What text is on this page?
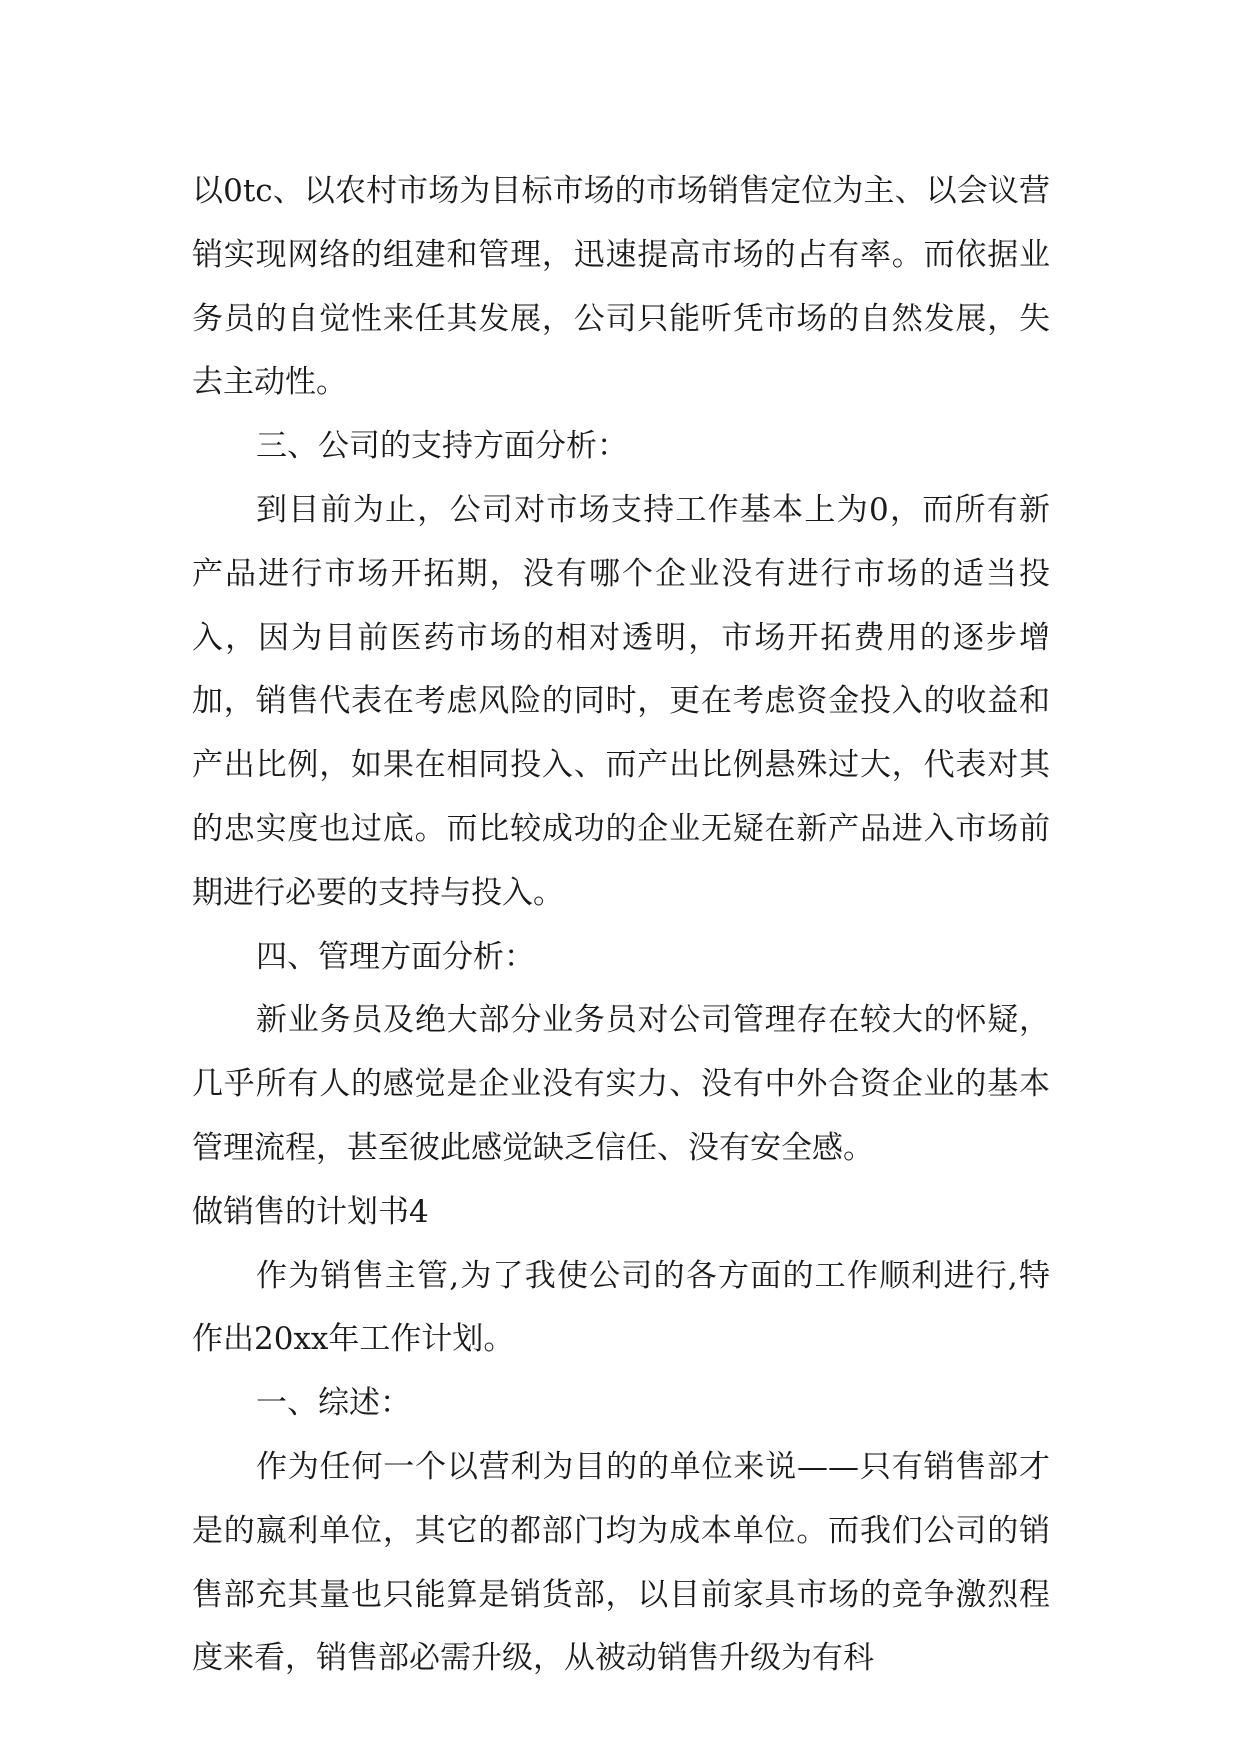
以0tc、以农村市场为目标市场的市场销售定位为主、以会议营销实现网络的组建和管理，迅速提高市场的占有率。而依据业务员的自觉性来任其发展，公司只能听凭市场的自然发展，失去主动性。

三、公司的支持方面分析：

到目前为止，公司对市场支持工作基本上为0，而所有新产品进行市场开拓期，没有哪个企业没有进行市场的适当投入，因为目前医药市场的相对透明，市场开拓费用的逐步增加，销售代表在考虑风险的同时，更在考虑资金投入的收益和产出比例，如果在相同投入、而产出比例悬殊过大，代表对其的忠实度也过底。而比较成功的企业无疑在新产品进入市场前期进行必要的支持与投入。

四、管理方面分析：

新业务员及绝大部分业务员对公司管理存在较大的怀疑，几乎所有人的感觉是企业没有实力、没有中外合资企业的基本管理流程，甚至彼此感觉缺乏信任、没有安全感。

做销售的计划书4

作为销售主管,为了我使公司的各方面的工作顺利进行,特作出20xx年工作计划。

一、综述：

作为任何一个以营利为目的的单位来说——只有销售部才是的嬴利单位，其它的都部门均为成本单位。而我们公司的销售部充其量也只能算是销货部，以目前家具市场的竞争激烈程度来看，销售部必需升级，从被动销售升级为有科
